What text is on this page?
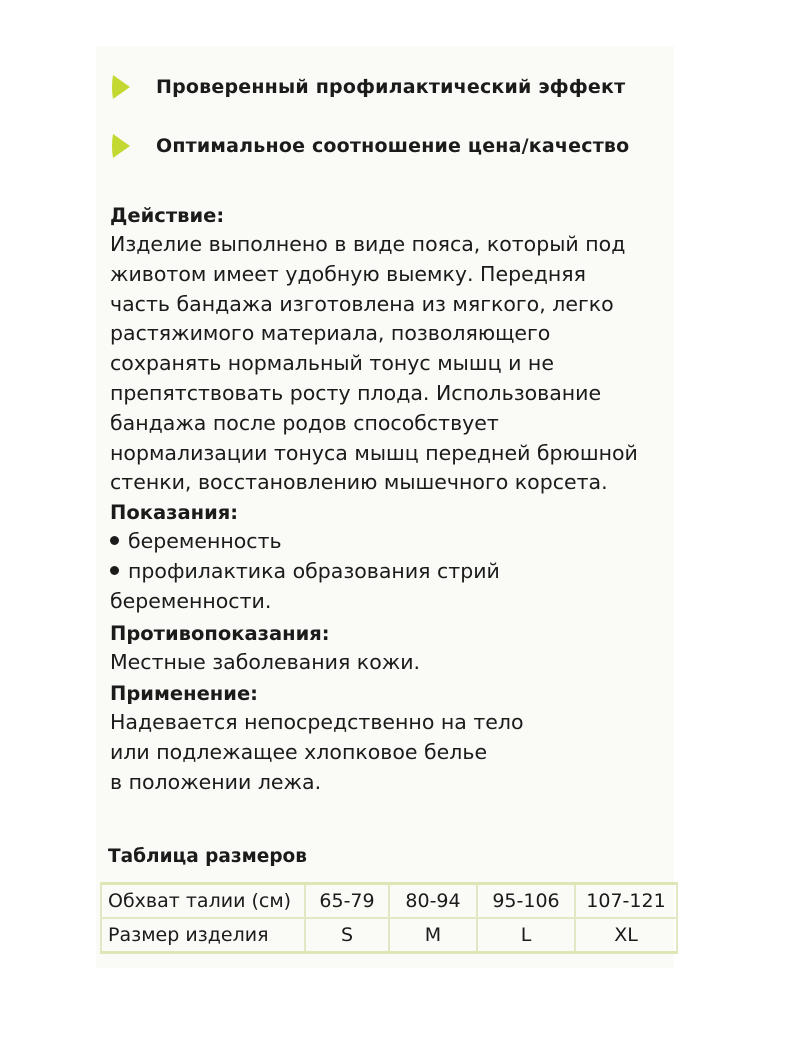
Проверенный профилактический эффект
Оптимальное соотношение цена/качество
Действие:
Изделие выполнено в виде пояса, который под
животом имеет удобную выемку. Передняя
часть бандажа изготовлена из мягкого, легко
растяжимого материала, позволяющего
сохранять нормальный тонус мышц и не
препятствовать росту плода. Использование
бандажа после родов способствует
нормализации тонуса мышц передней брюшной
стенки, восстановлению мышечного корсета.
Показания:
беременность
профилактика образования стрий
беременности.
Противопоказания:
Местные заболевания кожи.
Применение:
Надевается непосредственно на тело
или подлежащее хлопковое белье
в положении лежа.
Таблица размеров
Обхват талии (см)	65-79	80-94	95-106	107-121
Размер изделия	S	M	L	XL
